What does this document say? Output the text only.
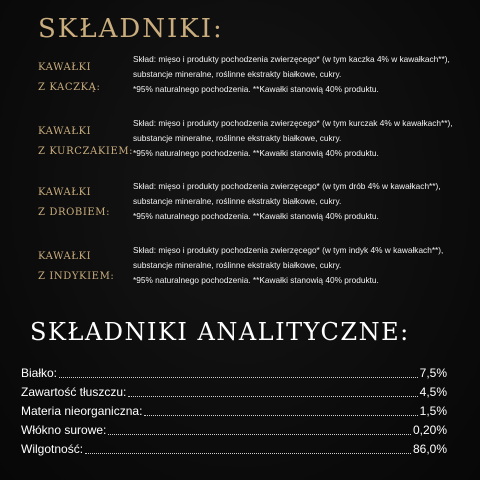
SKŁADNIKI:
KAWAŁKI
Z KACZKĄ:
Skład: mięso i produkty pochodzenia zwierzęcego* (w tym kaczka 4% w kawałkach**),
substancje mineralne, roślinne ekstrakty białkowe, cukry.
*95% naturalnego pochodzenia. **Kawałki stanowią 40% produktu.
KAWAŁKI
Z KURCZAKIEM:
Skład: mięso i produkty pochodzenia zwierzęcego* (w tym kurczak 4% w kawałkach**),
substancje mineralne, roślinne ekstrakty białkowe, cukry.
*95% naturalnego pochodzenia. **Kawałki stanowią 40% produktu.
KAWAŁKI
Z DROBIEM:
Skład: mięso i produkty pochodzenia zwierzęcego* (w tym drób 4% w kawałkach**),
substancje mineralne, roślinne ekstrakty białkowe, cukry.
*95% naturalnego pochodzenia. **Kawałki stanowią 40% produktu.
KAWAŁKI
Z INDYKIEM:
Skład: mięso i produkty pochodzenia zwierzęcego* (w tym indyk 4% w kawałkach**),
substancje mineralne, roślinne ekstrakty białkowe, cukry.
*95% naturalnego pochodzenia. **Kawałki stanowią 40% produktu.
SKŁADNIKI ANALITYCZNE:
Białko:	7,5%
Zawartość tłuszczu:	4,5%
Materia nieorganiczna:	1,5%
Włókno surowe:	0,20%
Wilgotność:	86,0%
